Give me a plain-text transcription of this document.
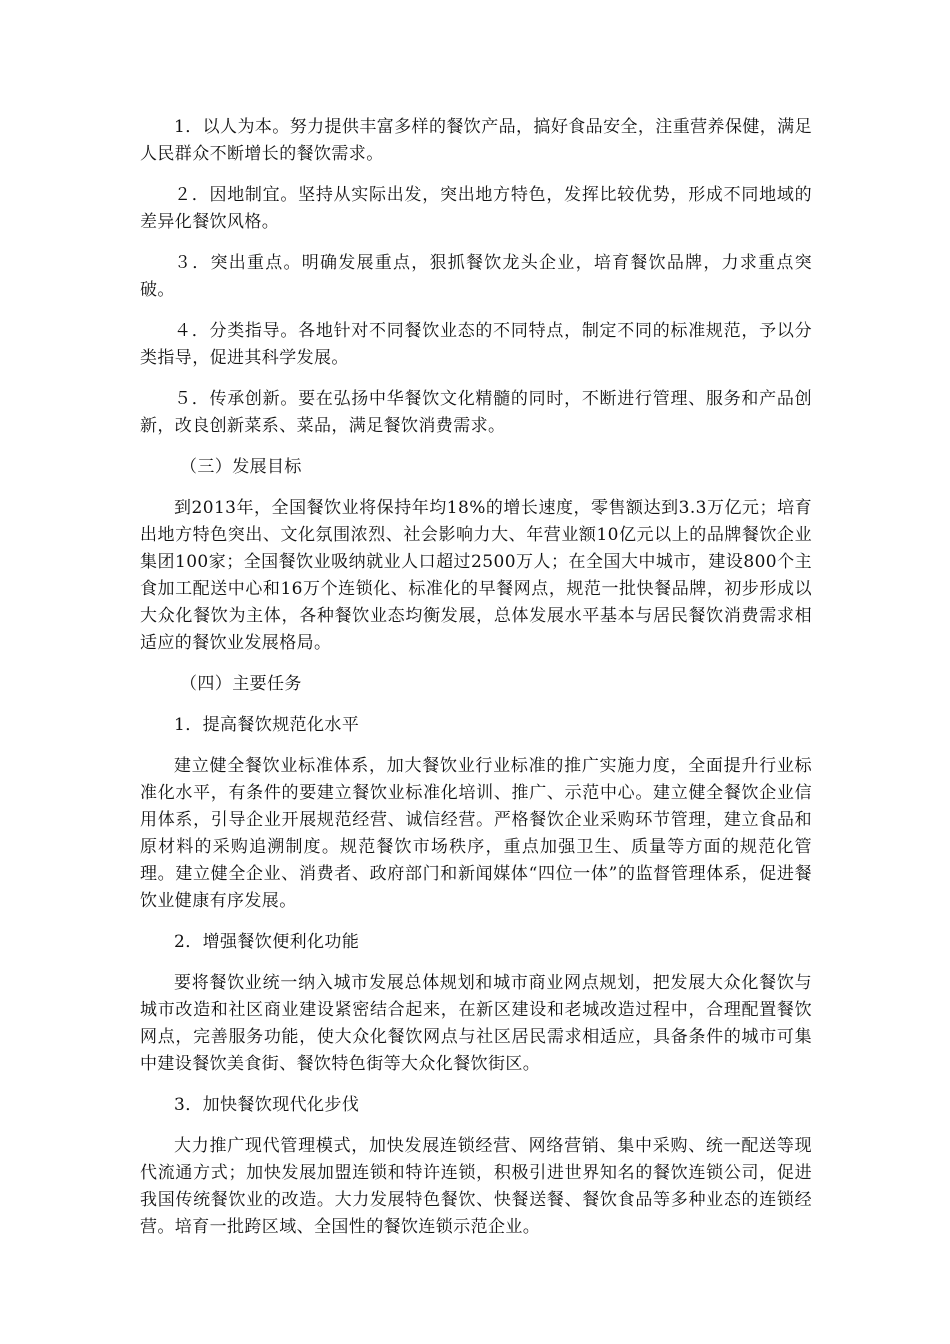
1．以人为本。努力提供丰富多样的餐饮产品，搞好食品安全，注重营养保健，满足人民群众不断增长的餐饮需求。

２．因地制宜。坚持从实际出发，突出地方特色，发挥比较优势，形成不同地域的差异化餐饮风格。

３．突出重点。明确发展重点，狠抓餐饮龙头企业，培育餐饮品牌，力求重点突破。

４．分类指导。各地针对不同餐饮业态的不同特点，制定不同的标准规范，予以分类指导，促进其科学发展。

５．传承创新。要在弘扬中华餐饮文化精髓的同时，不断进行管理、服务和产品创新，改良创新菜系、菜品，满足餐饮消费需求。

（三）发展目标

到2013年，全国餐饮业将保持年均18%的增长速度，零售额达到3.3万亿元；培育出地方特色突出、文化氛围浓烈、社会影响力大、年营业额10亿元以上的品牌餐饮企业集团100家；全国餐饮业吸纳就业人口超过2500万人；在全国大中城市，建设800个主食加工配送中心和16万个连锁化、标准化的早餐网点，规范一批快餐品牌，初步形成以大众化餐饮为主体，各种餐饮业态均衡发展，总体发展水平基本与居民餐饮消费需求相适应的餐饮业发展格局。

（四）主要任务

1．提高餐饮规范化水平

建立健全餐饮业标准体系，加大餐饮业行业标准的推广实施力度，全面提升行业标准化水平，有条件的要建立餐饮业标准化培训、推广、示范中心。建立健全餐饮企业信用体系，引导企业开展规范经营、诚信经营。严格餐饮企业采购环节管理，建立食品和原材料的采购追溯制度。规范餐饮市场秩序，重点加强卫生、质量等方面的规范化管理。建立健全企业、消费者、政府部门和新闻媒体“四位一体”的监督管理体系，促进餐饮业健康有序发展。

2．增强餐饮便利化功能

要将餐饮业统一纳入城市发展总体规划和城市商业网点规划，把发展大众化餐饮与城市改造和社区商业建设紧密结合起来，在新区建设和老城改造过程中，合理配置餐饮网点，完善服务功能，使大众化餐饮网点与社区居民需求相适应，具备条件的城市可集中建设餐饮美食街、餐饮特色街等大众化餐饮街区。

3．加快餐饮现代化步伐

大力推广现代管理模式，加快发展连锁经营、网络营销、集中采购、统一配送等现代流通方式；加快发展加盟连锁和特许连锁，积极引进世界知名的餐饮连锁公司，促进我国传统餐饮业的改造。大力发展特色餐饮、快餐送餐、餐饮食品等多种业态的连锁经营。培育一批跨区域、全国性的餐饮连锁示范企业。
